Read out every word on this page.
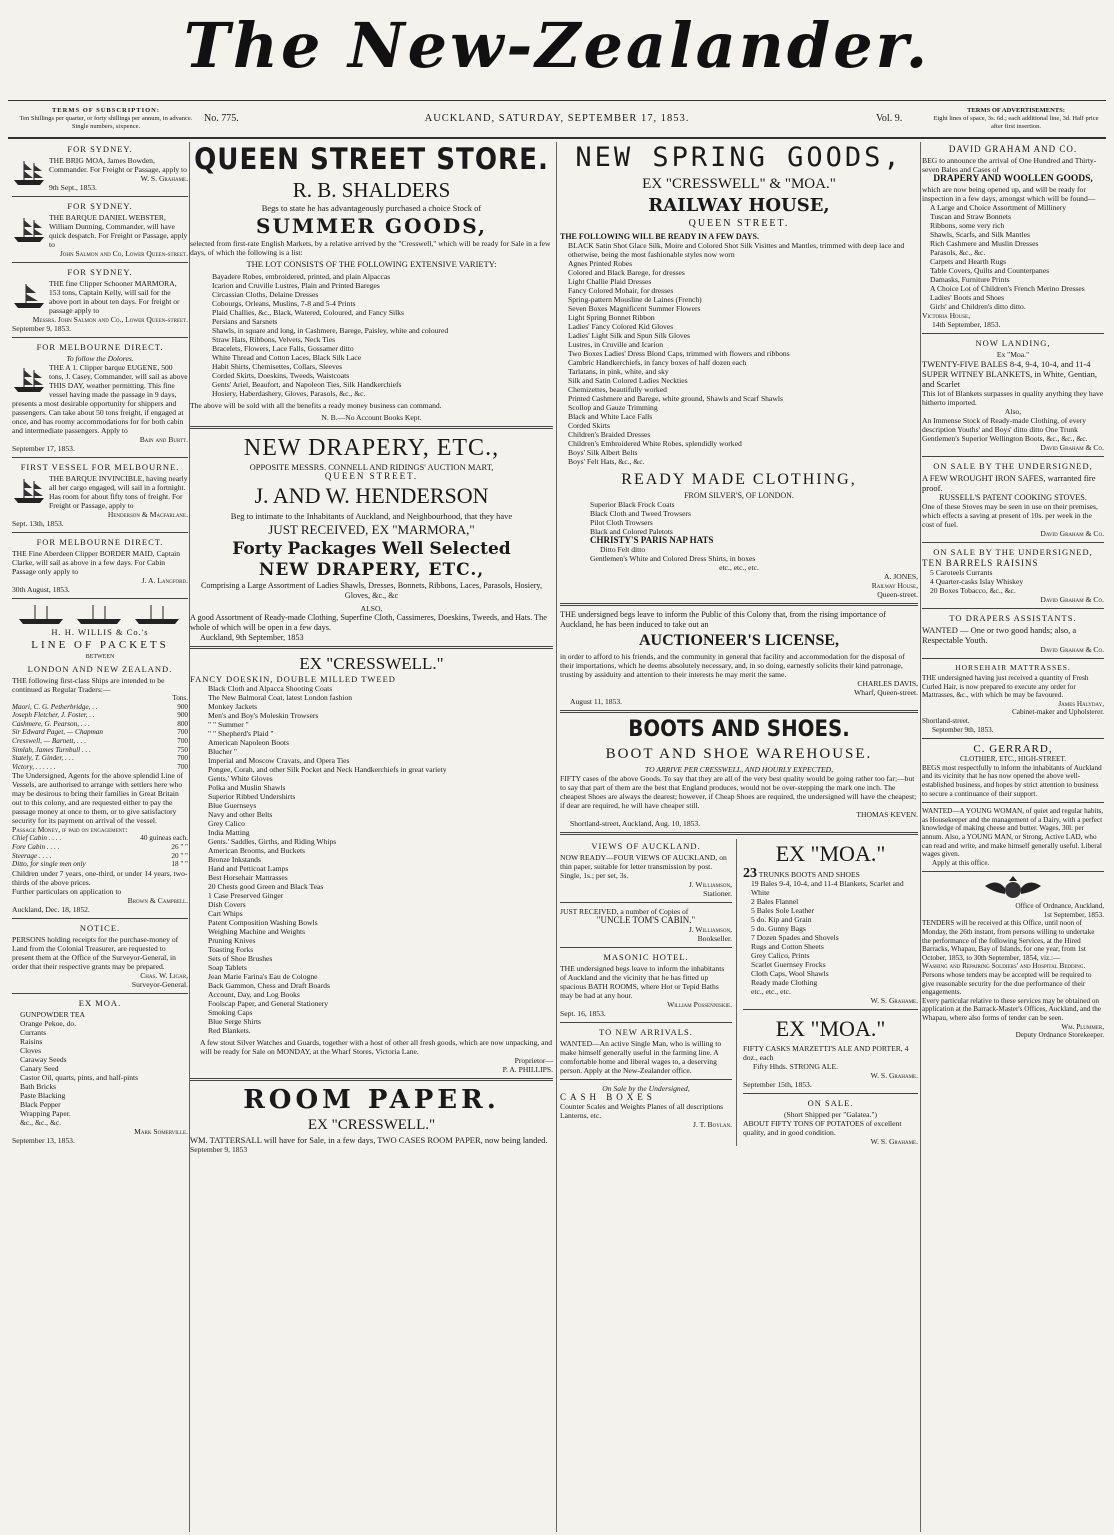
The New-Zealander.
TERMS OF SUBSCRIPTION:
Ten Shillings per quarter, or forty shillings per annum, in advance. Single numbers, sixpence.
No. 775.	AUCKLAND, SATURDAY, SEPTEMBER 17, 1853.	Vol. 9.
TERMS OF ADVERTISEMENTS:
Eight lines of space, 3s. 6d.; each additional line, 3d. Half price after first insertion.
FOR SYDNEY.

THE BRIG MOA, James Bowden, Commander. For Freight or Passage, apply to

W. S. Grahame.

9th Sept., 1853.

FOR SYDNEY.

THE BARQUE DANIEL WEBSTER, William Dunning, Commander, will have quick despatch. For Freight or Passage, apply to

John Salmon and Co, Lower Queen-street.

FOR SYDNEY.

THE fine Clipper Schooner MARMORA, 153 tons, Captain Kelly, will sail for the above port in about ten days. For freight or passage apply to

Messrs. John Salmon and Co., Lower Queen-street.

September 9, 1853.

FOR MELBOURNE DIRECT.
To follow the Dolores.

THE A 1. Clipper barque EUGENE, 500 tons, J. Casey, Commander, will sail as above THIS DAY, weather permitting. This fine vessel having made the passage in 9 days, presents a most desirable opportunity for shippers and passengers. Can take about 50 tons freight, if engaged at once, and has roomy accommodations for for both cabin and intermediate passengers. Apply to

Bain and Burtt.

September 17, 1853.

FIRST VESSEL FOR MELBOURNE.

THE BARQUE INVINCIBLE, having nearly all her cargo engaged, will sail in a fortnight. Has room for about fifty tons of freight. For Freight or Passage, apply to

Henderson & Macfarlane.

Sept. 13th, 1853.

FOR MELBOURNE DIRECT.

THE Fine Aberdeen Clipper BORDER MAID, Captain Clarke, will sail as above in a few days. For Cabin Passage only apply to

J. A. Langford.

30th August, 1853.

H. H. WILLIS & Co.'s
LINE OF PACKETS
BETWEEN
LONDON AND NEW ZEALAND.

THE following first-class Ships are intended to be continued as Regular Traders:—

Tons.

Maori, C. G. Petherbridge, . .	900
Joseph Fletcher, J. Foster, . .	900
Cashmere, G. Pearson, . . .	800
Sir Edward Paget, — Chapman	700
Cresswell, — Barnett, . . .	700
Simlah, James Turnbull . . .	750
Stately, T. Ginder, . . .	700
Victory, . . . . . .	700

The Undersigned, Agents for the above splendid Line of Vessels, are authorised to arrange with settlers here who may be desirous to bring their families in Great Britain out to this colony, and are requested either to pay the passage money at once to them, or to give satisfactory security for its payment on arrival of the vessel.

Passage Money, if paid on engagement:

Chief Cabin . . . .	40 guineas each.
Fore Cabin . . . .	26 " "
Steerage . . . .	20 " "
Ditto, for single men only	18 " "

Children under 7 years, one-third, or under 14 years, two-thirds of the above prices.

Further particulars on application to

Brown & Campbell.

Auckland, Dec. 18, 1852.

NOTICE.

PERSONS holding receipts for the purchase-money of Land from the Colonial Treasurer, are requested to present them at the Office of the Surveyor-General, in order that their respective grants may be prepared.

Chas. W. Ligar,

Surveyor-General.

EX MOA.
GUNPOWDER TEA
Orange Pekoe, do.
Currants
Raisins
Cloves
Caraway Seeds
Canary Seed
Castor Oil, quarts, pints, and half-pints
Bath Bricks
Paste Blacking
Black Pepper
Wrapping Paper.
&c., &c., &c.

Mark Somerville.

September 13, 1853.

QUEEN STREET STORE.
R. B. SHALDERS

Begs to state he has advantageously purchased a choice Stock of

SUMMER GOODS,

selected from first-rate English Markets, by a relative arrived by the "Cresswell," which will be ready for Sale in a few days, of which the following is a list:

THE LOT CONSISTS OF THE FOLLOWING EXTENSIVE VARIETY:

Bayadere Robes, embroidered, printed, and plain Alpaccas
Icarion and Cruville Lustres, Plain and Printed Bareges
Circassian Cloths, Delaine Dresses
Cobourgs, Orleans, Muslins, 7-8 and 5-4 Prints
Plaid Challies, &c., Black, Watered, Coloured, and Fancy Silks
Persians and Sarsnets
Shawls, in square and long, in Cashmere, Barege, Paisley, white and coloured
Straw Hats, Ribbons, Velvets, Neck Ties
Bracelets, Flowers, Lace Falls, Gossamer ditto
White Thread and Cotton Laces, Black Silk Lace
Habit Shirts, Chemisettes, Collars, Sleeves
Corded Skirts, Doeskins, Tweeds, Waistcoats
Gents' Ariel, Beaufort, and Napoleon Ties, Silk Handkerchiefs
Hosiery, Haberdashery, Gloves, Parasols, &c., &c.

The above will be sold with all the benefits a ready money business can command.

N. B.—No Account Books Kept.

NEW DRAPERY, ETC.,

OPPOSITE MESSRS. CONNELL AND RIDINGS' AUCTION MART,

QUEEN STREET.

J. AND W. HENDERSON

Beg to intimate to the Inhabitants of Auckland, and Neighbourhood, that they have

JUST RECEIVED, EX "MARMORA,"
Forty Packages Well Selected
NEW DRAPERY, ETC.,

Comprising a Large Assortment of Ladies Shawls, Dresses, Bonnets, Ribbons, Laces, Parasols, Hosiery, Gloves, &c., &c

ALSO,

A good Assortment of Ready-made Clothing, Superfine Cloth, Cassimeres, Doeskins, Tweeds, and Hats. The whole of which will be open in a few days.

Auckland, 9th September, 1853

EX "CRESSWELL."

FANCY DOESKIN, DOUBLE MILLED TWEED

Black Cloth and Alpacca Shooting Coats
The New Balmoral Coat, latest London fashion
Monkey Jackets
Men's and Boy's Moleskin Trowsers
" " Summer "
" " Shepherd's Plaid "
American Napoleon Boots
Blucher "
Imperial and Moscow Cravats, and Opera Ties
Pongee, Corah, and other Silk Pocket and Neck Handkerchiefs in great variety
Gents.' White Gloves
Polka and Muslin Shawls
Superior Ribbed Undershirts
Blue Guernseys
Navy and other Belts
Grey Calico
India Matting
Gents.' Saddles, Girths, and Riding Whips
American Brooms, and Buckets
Bronze Inkstands
Hand and Petticoat Lamps
Best Horsehair Mattrasses
20 Chests good Green and Black Teas
1 Case Preserved Ginger
Dish Covers
Cart Whips
Patent Composition Washing Bowls
Weighing Machine and Weights
Pruning Knives
Toasting Forks
Sets of Shoe Brushes
Soap Tablets
Jean Marie Farina's Eau de Cologne
Back Gammon, Chess and Draft Boards
Account, Day, and Log Books
Foolscap Paper, and General Stationery
Smoking Caps
Blue Serge Shirts
Red Blankets.

A few stout Silver Watches and Guards, together with a host of other all fresh goods, which are now unpacking, and will be ready for Sale on MONDAY, at the Wharf Stores, Victoria Lane.

Proprietor—

P. A. PHILLIPS.

ROOM PAPER.
EX "CRESSWELL."

WM. TATTERSALL will have for Sale, in a few days, TWO CASES ROOM PAPER, now being landed.

September 9, 1853

NEW SPRING GOODS,
EX "CRESSWELL" & "MOA."
RAILWAY HOUSE,
QUEEN STREET.

THE FOLLOWING WILL BE READY IN A FEW DAYS.

BLACK Satin Shot Glace Silk, Moire and Colored Shot Silk Visittes and Mantles, trimmed with deep lace and otherwise, being the most fashionable styles now worn
Agnes Printed Robes
Colored and Black Barege, for dresses
Light Challie Plaid Dresses
Fancy Colored Mohair, for dresses
Spring-pattern Mousline de Laines (French)
Seven Boxes Magnificent Summer Flowers
Light Spring Bonnet Ribbon
Ladies' Fancy Colored Kid Gloves
Ladies' Light Silk and Spun Silk Gloves
Lustres, in Cruville and Icarion
Two Boxes Ladies' Dress Blond Caps, trimmed with flowers and ribbons
Cambric Handkerchiefs, in fancy boxes of half dozen each
Tarlatans, in pink, white, and sky
Silk and Satin Colored Ladies Neckties
Chemizettes, beautifully worked
Printed Cashmere and Barege, white ground, Shawls and Scarf Shawls
Scollop and Gauze Trimming
Black and White Lace Falls
Corded Skirts
Children's Braided Dresses
Children's Embroidered White Robes, splendidly worked
Boys' Silk Albert Belts
Boys' Felt Hats, &c., &c.
READY MADE CLOTHING,

FROM SILVER'S, OF LONDON.

Superior Black Frock Coats
Black Cloth and Tweed Trowsers
Pilot Cloth Trowsers
Black and Colored Paletots

CHRISTY'S PARIS NAP HATS

Ditto Felt ditto

Gentlemen's White and Colored Dress Shirts, in boxes

etc., etc., etc.

A. JONES,

Railway House,

Queen-street.

THE undersigned begs leave to inform the Public of this Colony that, from the rising importance of Auckland, he has been induced to take out an

AUCTIONEER'S LICENSE,

in order to afford to his friends, and the community in general that facility and accommodation for the disposal of their importations, which he deems absolutely necessary, and, in so doing, earnestly solicits their kind patronage, trusting by assiduity and attention to their interests he may merit the same.

CHARLES DAVIS,

Wharf, Queen-street.

August 11, 1853.

BOOTS AND SHOES.
BOOT AND SHOE WAREHOUSE.

TO ARRIVE PER CRESSWELL, AND HOURLY EXPECTED,

FIFTY cases of the above Goods. To say that they are all of the very best quality would be going rather too far;—but to say that part of them are the best that England produces, would not be over-stepping the mark one inch. The cheapest Shoes are always the dearest; however, if Cheap Shoes are required, the undersigned will have the cheapest; if dear are required, he will have cheaper still.

THOMAS KEVEN.

Shortland-street, Auckland, Aug. 10, 1853.

VIEWS OF AUCKLAND.

NOW READY—FOUR VIEWS OF AUCKLAND, on thin paper, suitable for letter transmission by post. Single, 1s.; per set, 3s.

J. Williamson,

Stationer.

JUST RECEIVED, a number of Copies of

"UNCLE TOM'S CABIN."

J. Williamson,

Bookseller.

MASONIC HOTEL.

THE undersigned begs leave to inform the inhabitants of Auckland and the vicinity that he has fitted up spacious BATH ROOMS, where Hot or Tepid Baths may be had at any hour.

William Possenniskie.

Sept. 16, 1853.

TO NEW ARRIVALS.

WANTED—An active Single Man, who is willing to make himself generally useful in the farming line. A comfortable home and liberal wages to, a deserving person. Apply at the New-Zealander office.

On Sale by the Undersigned,

CASH BOXES

Counter Scales and Weights Planes of all descriptions Lanterns, etc.

J. T. Boylan.

EX "MOA."

23 TRUNKS BOOTS AND SHOES

19 Bales 9-4, 10-4, and 11-4 Blankets, Scarlet and White
2 Bales Flannel
5 Bales Sole Leather
5 do. Kip and Grain
5 do. Gunny Bags
7 Dozen Spades and Shovels
Rugs and Cotton Sheets
Grey Calico, Prints
Scarlet Guernsey Frocks
Cloth Caps, Wool Shawls
Ready made Clothing
etc., etc., etc.

W. S. Grahame.

EX "MOA."

FIFTY CASKS MARZETTI'S ALE AND PORTER, 4 doz., each

Fifty Hhds. STRONG ALE.

W. S. Grahame.

September 15th, 1853.

ON SALE.

(Short Shipped per "Galatea.")

ABOUT FIFTY TONS OF POTATOES of excellent quality, and in good condition.

W. S. Grahame.

DAVID GRAHAM AND CO.

BEG to announce the arrival of One Hundred and Thirty-seven Bales and Cases of

DRAPERY AND WOOLLEN GOODS,

which are now being opened up, and will be ready for inspection in a few days, amongst which will be found—

A Large and Choice Assortment of Millinery
Tuscan and Straw Bonnets
Ribbons, some very rich
Shawls, Scarfs, and Silk Mantles
Rich Cashmere and Muslin Dresses
Parasols, &c., &c.
Carpets and Hearth Rugs
Table Covers, Quilts and Counterpanes
Damasks, Furniture Prints
A Choice Lot of Children's French Merino Dresses
Ladies' Boots and Shoes
Girls' and Children's ditto ditto.

Victoria House,

14th September, 1853.

NOW LANDING,

Ex "Moa."

TWENTY-FIVE BALES 8-4, 9-4, 10-4, and 11-4 SUPER WITNEY BLANKETS, in White, Gentian, and Scarlet

This lot of Blankets surpasses in quality anything they have hitherto imported.

Also,

An Immense Stock of Ready-made Clothing, of every description Youths' and Boys' ditto ditto One Trunk Gentlemen's Superior Wellington Boots, &c., &c., &c.

David Graham & Co.

ON SALE BY THE UNDERSIGNED,

A FEW WROUGHT IRON SAFES, warranted fire proof.

RUSSELL'S PATENT COOKING STOVES.

One of these Stoves may be seen in use on their premises, which effects a saving at present of 10s. per week in the cost of fuel.

David Graham & Co.

ON SALE BY THE UNDERSIGNED,

TEN BARRELS RAISINS

5 Caroteels Currants
4 Quarter-casks Islay Whiskey
20 Boxes Tobacco, &c., &c.

David Graham & Co.

TO DRAPERS ASSISTANTS.

WANTED — One or two good hands; also, a Respectable Youth.

David Graham & Co.

HORSEHAIR MATTRASSES.

THE undersigned having just received a quantity of Fresh Curled Hair, is now prepared to execute any order for Mattrasses, &c., with which he may be favoured.

James Halyday,

Cabinet-maker and Upholsterer.

Shortland-street.

September 9th, 1853.

C. GERRARD,

CLOTHIER, ETC., HIGH-STREET.

BEGS most respectfully to inform the inhabitants of Auckland and its vicinity that he has now opened the above well-established business, and hopes by strict attention to business to secure a continuance of their support.

WANTED—A YOUNG WOMAN, of quiet and regular habits, as Housekeeper and the management of a Dairy, with a perfect knowledge of making cheese and butter. Wages, 30l. per annum. Also, a YOUNG MAN, or Strong, Active LAD, who can read and write, and make himself generally useful. Liberal wages given.

Apply at this office.

Office of Ordnance, Auckland,

1st September, 1853.

TENDERS will be received at this Office, until noon of Monday, the 26th instant, from persons willing to undertake the performance of the following Services, at the Hired Barracks, Whapau, Bay of Islands, for one year, from 1st October, 1853, to 30th September, 1854, viz.:—

Washing and Repairing Soldiers' and Hospital Bedding.

Persons whose tenders may be accepted will be required to give reasonable security for the due performance of their engagements.

Every particular relative to these services may be obtained on application at the Barrack-Master's Offices, Auckland, and the Whapau, where also forms of tender can be seen.

Wm. Plummer,

Deputy Ordnance Storekeeper.
